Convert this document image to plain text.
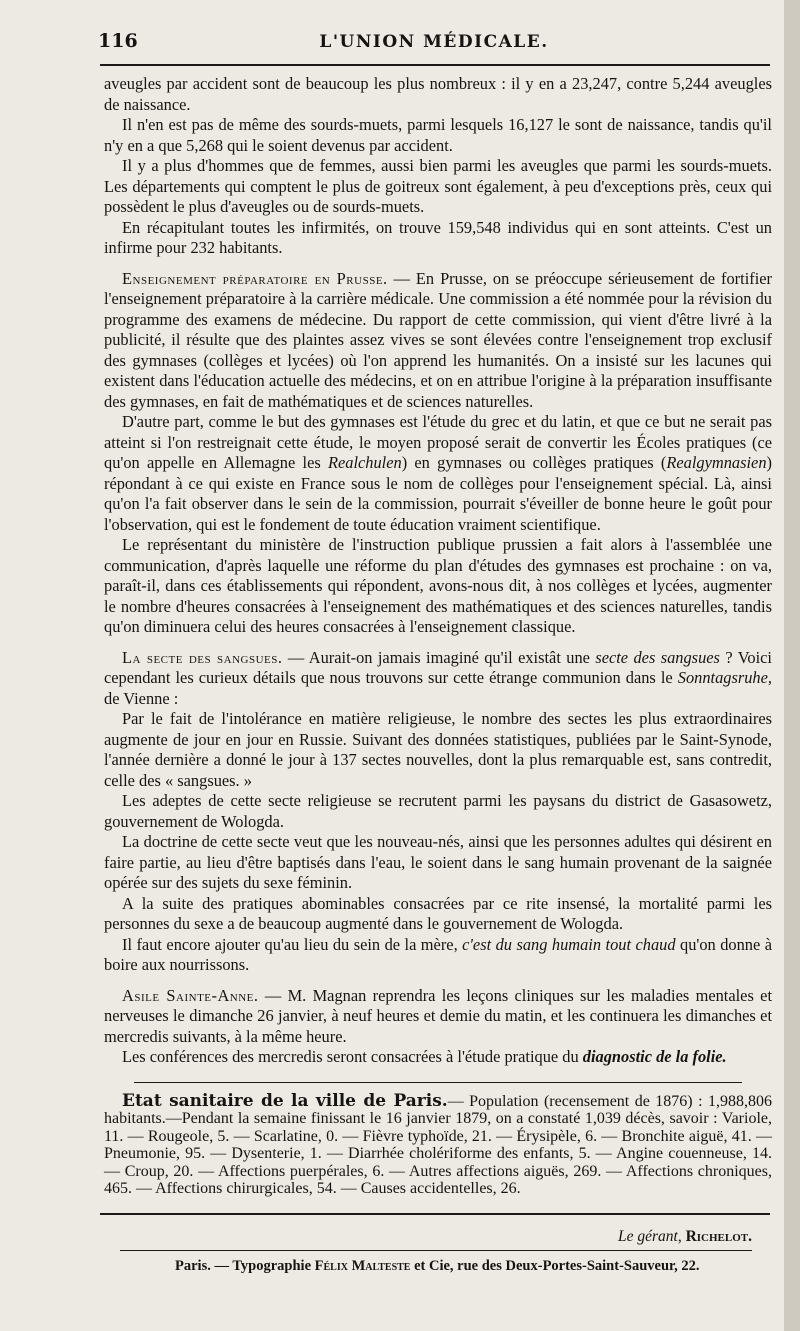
116	L'UNION MÉDICALE.

aveugles par accident sont de beaucoup les plus nombreux : il y en a 23,247, contre 5,244 aveugles de naissance.

Il n'en est pas de même des sourds-muets, parmi lesquels 16,127 le sont de naissance, tandis qu'il n'y en a que 5,268 qui le soient devenus par accident.

Il y a plus d'hommes que de femmes, aussi bien parmi les aveugles que parmi les sourds-muets. Les départements qui comptent le plus de goitreux sont également, à peu d'exceptions près, ceux qui possèdent le plus d'aveugles ou de sourds-muets.

En récapitulant toutes les infirmités, on trouve 159,548 individus qui en sont atteints. C'est un infirme pour 232 habitants.

Enseignement préparatoire en Prusse. — En Prusse, on se préoccupe sérieusement de fortifier l'enseignement préparatoire à la carrière médicale. Une commission a été nommée pour la révision du programme des examens de médecine. Du rapport de cette commission, qui vient d'être livré à la publicité, il résulte que des plaintes assez vives se sont élevées contre l'enseignement trop exclusif des gymnases (collèges et lycées) où l'on apprend les humanités. On a insisté sur les lacunes qui existent dans l'éducation actuelle des médecins, et on en attribue l'origine à la préparation insuffisante des gymnases, en fait de mathématiques et de sciences naturelles.

D'autre part, comme le but des gymnases est l'étude du grec et du latin, et que ce but ne serait pas atteint si l'on restreignait cette étude, le moyen proposé serait de convertir les Écoles pratiques (ce qu'on appelle en Allemagne les Realchulen) en gymnases ou collèges pratiques (Realgymnasien) répondant à ce qui existe en France sous le nom de collèges pour l'enseignement spécial. Là, ainsi qu'on l'a fait observer dans le sein de la commission, pourrait s'éveiller de bonne heure le goût pour l'observation, qui est le fondement de toute éducation vraiment scientifique.

Le représentant du ministère de l'instruction publique prussien a fait alors à l'assemblée une communication, d'après laquelle une réforme du plan d'études des gymnases est prochaine : on va, paraît-il, dans ces établissements qui répondent, avons-nous dit, à nos collèges et lycées, augmenter le nombre d'heures consacrées à l'enseignement des mathématiques et des sciences naturelles, tandis qu'on diminuera celui des heures consacrées à l'enseignement classique.

La secte des sangsues. — Aurait-on jamais imaginé qu'il existât une secte des sangsues ? Voici cependant les curieux détails que nous trouvons sur cette étrange communion dans le Sonntagsruhe, de Vienne :

Par le fait de l'intolérance en matière religieuse, le nombre des sectes les plus extraordinaires augmente de jour en jour en Russie. Suivant des données statistiques, publiées par le Saint-Synode, l'année dernière a donné le jour à 137 sectes nouvelles, dont la plus remarquable est, sans contredit, celle des « sangsues. »

Les adeptes de cette secte religieuse se recrutent parmi les paysans du district de Gasasowetz, gouvernement de Wologda.

La doctrine de cette secte veut que les nouveau-nés, ainsi que les personnes adultes qui désirent en faire partie, au lieu d'être baptisés dans l'eau, le soient dans le sang humain provenant de la saignée opérée sur des sujets du sexe féminin.

A la suite des pratiques abominables consacrées par ce rite insensé, la mortalité parmi les personnes du sexe a de beaucoup augmenté dans le gouvernement de Wologda.

Il faut encore ajouter qu'au lieu du sein de la mère, c'est du sang humain tout chaud qu'on donne à boire aux nourrissons.

Asile Sainte-Anne. — M. Magnan reprendra les leçons cliniques sur les maladies mentales et nerveuses le dimanche 26 janvier, à neuf heures et demie du matin, et les continuera les dimanches et mercredis suivants, à la même heure.

Les conférences des mercredis seront consacrées à l'étude pratique du diagnostic de la folie.

Etat sanitaire de la ville de Paris.— Population (recensement de 1876) : 1,988,806 habitants.—Pendant la semaine finissant le 16 janvier 1879, on a constaté 1,039 décès, savoir : Variole, 11. — Rougeole, 5. — Scarlatine, 0. — Fièvre typhoïde, 21. — Érysipèle, 6. — Bronchite aiguë, 41. — Pneumonie, 95. — Dysenterie, 1. — Diarrhée cholériforme des enfants, 5. — Angine couenneuse, 14. — Croup, 20. — Affections puerpérales, 6. — Autres affections aiguës, 269. — Affections chroniques, 465. — Affections chirurgicales, 54. — Causes accidentelles, 26.

Le gérant, Richelot.
Paris. — Typographie Félix Malteste et Cie, rue des Deux-Portes-Saint-Sauveur, 22.
